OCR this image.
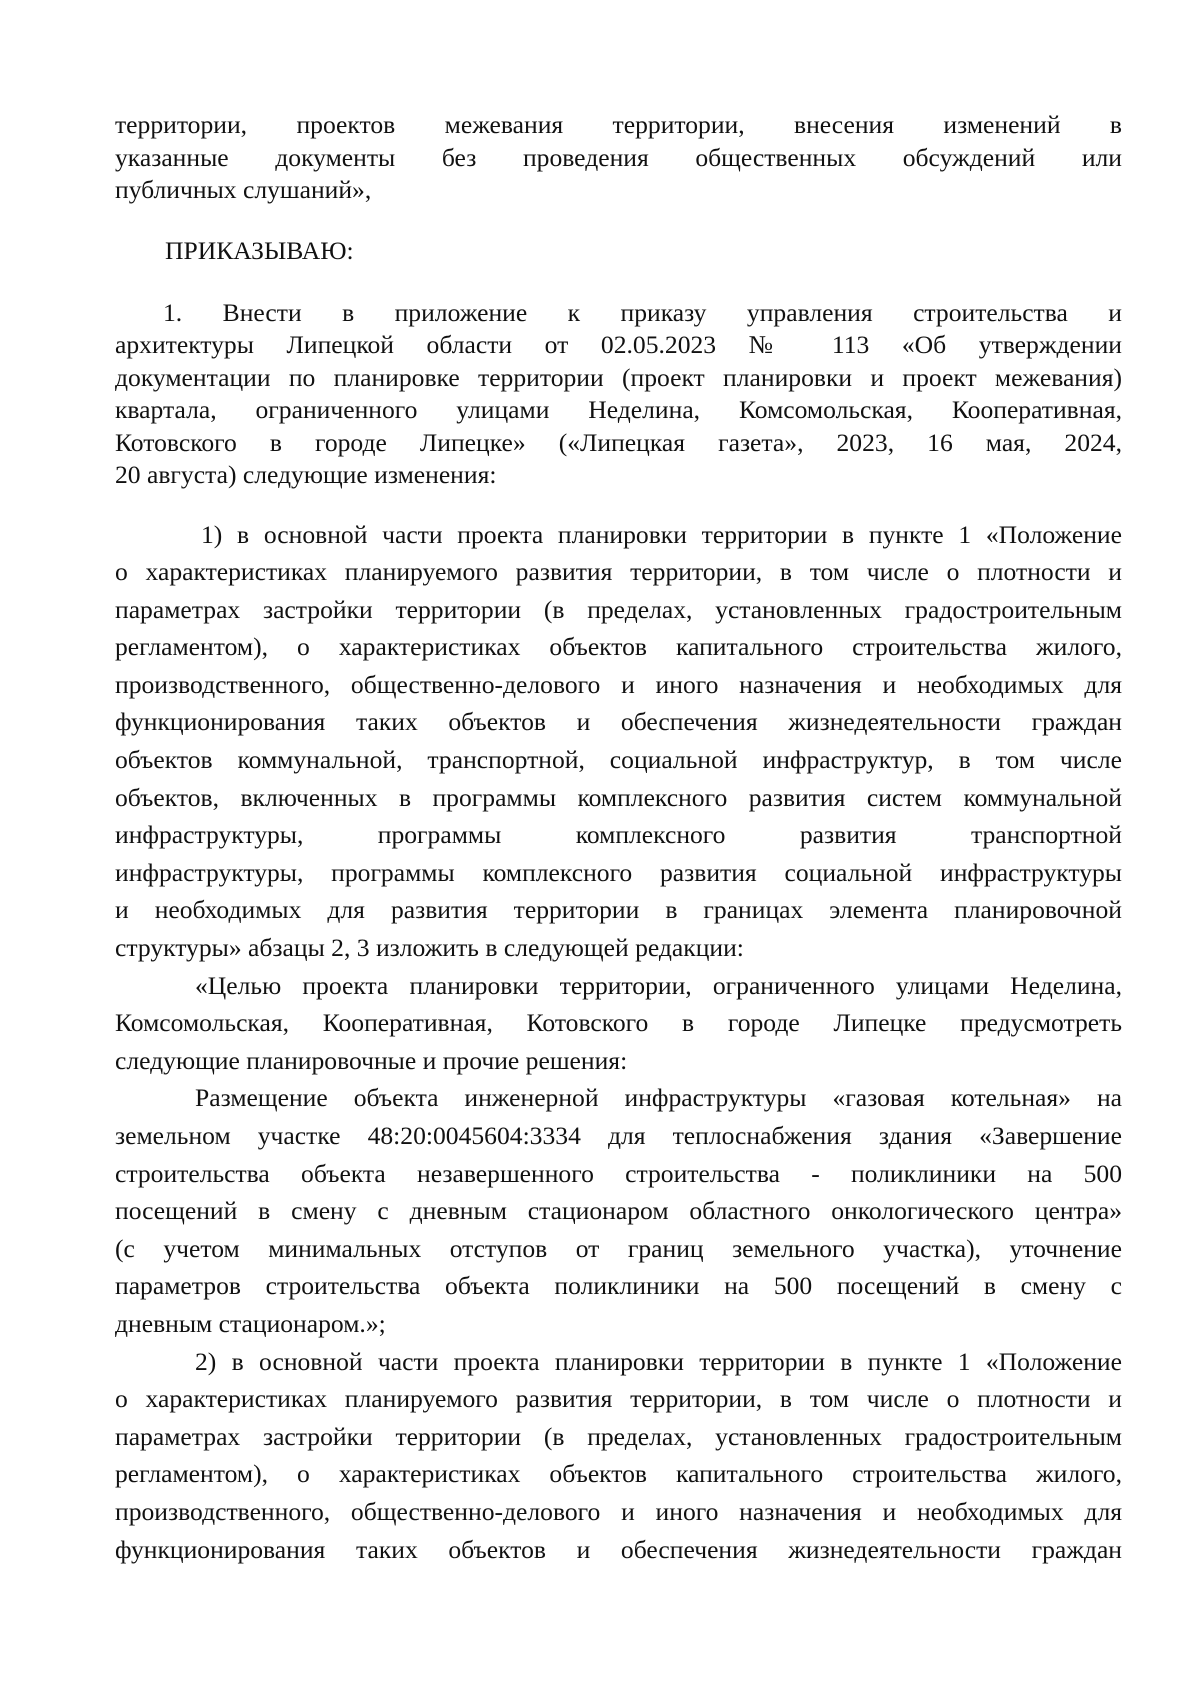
территории, проектов межевания территории, внесения изменений в
указанные документы без проведения общественных обсуждений или
публичных слушаний»,

ПРИКАЗЫВАЮ:

1. Внести в приложение к приказу управления строительства и
архитектуры Липецкой области от 02.05.2023 № 113 «Об утверждении
документации по планировке территории (проект планировки и проект межевания)
квартала, ограниченного улицами Неделина, Комсомольская, Кооперативная,
Котовского в городе Липецке» («Липецкая газета», 2023, 16 мая, 2024,
20 августа) следующие изменения:
1) в основной части проекта планировки территории в пункте 1 «Положение
о характеристиках планируемого развития территории, в том числе о плотности и
параметрах застройки территории (в пределах, установленных градостроительным
регламентом), о характеристиках объектов капитального строительства жилого,
производственного, общественно-делового и иного назначения и необходимых для
функционирования таких объектов и обеспечения жизнедеятельности граждан
объектов коммунальной, транспортной, социальной инфраструктур, в том числе
объектов, включенных в программы комплексного развития систем коммунальной
инфраструктуры, программы комплексного развития транспортной
инфраструктуры, программы комплексного развития социальной инфраструктуры
и необходимых для развития территории в границах элемента планировочной
структуры» абзацы 2, 3 изложить в следующей редакции:
«Целью проекта планировки территории, ограниченного улицами Неделина,
Комсомольская, Кооперативная, Котовского в городе Липецке предусмотреть
следующие планировочные и прочие решения:
Размещение объекта инженерной инфраструктуры «газовая котельная» на
земельном участке 48:20:0045604:3334 для теплоснабжения здания «Завершение
строительства объекта незавершенного строительства - поликлиники на 500
посещений в смену с дневным стационаром областного онкологического центра»
(с учетом минимальных отступов от границ земельного участка), уточнение
параметров строительства объекта поликлиники на 500 посещений в смену с
дневным стационаром.»;
2) в основной части проекта планировки территории в пункте 1 «Положение
о характеристиках планируемого развития территории, в том числе о плотности и
параметрах застройки территории (в пределах, установленных градостроительным
регламентом), о характеристиках объектов капитального строительства жилого,
производственного, общественно-делового и иного назначения и необходимых для
функционирования таких объектов и обеспечения жизнедеятельности граждан
